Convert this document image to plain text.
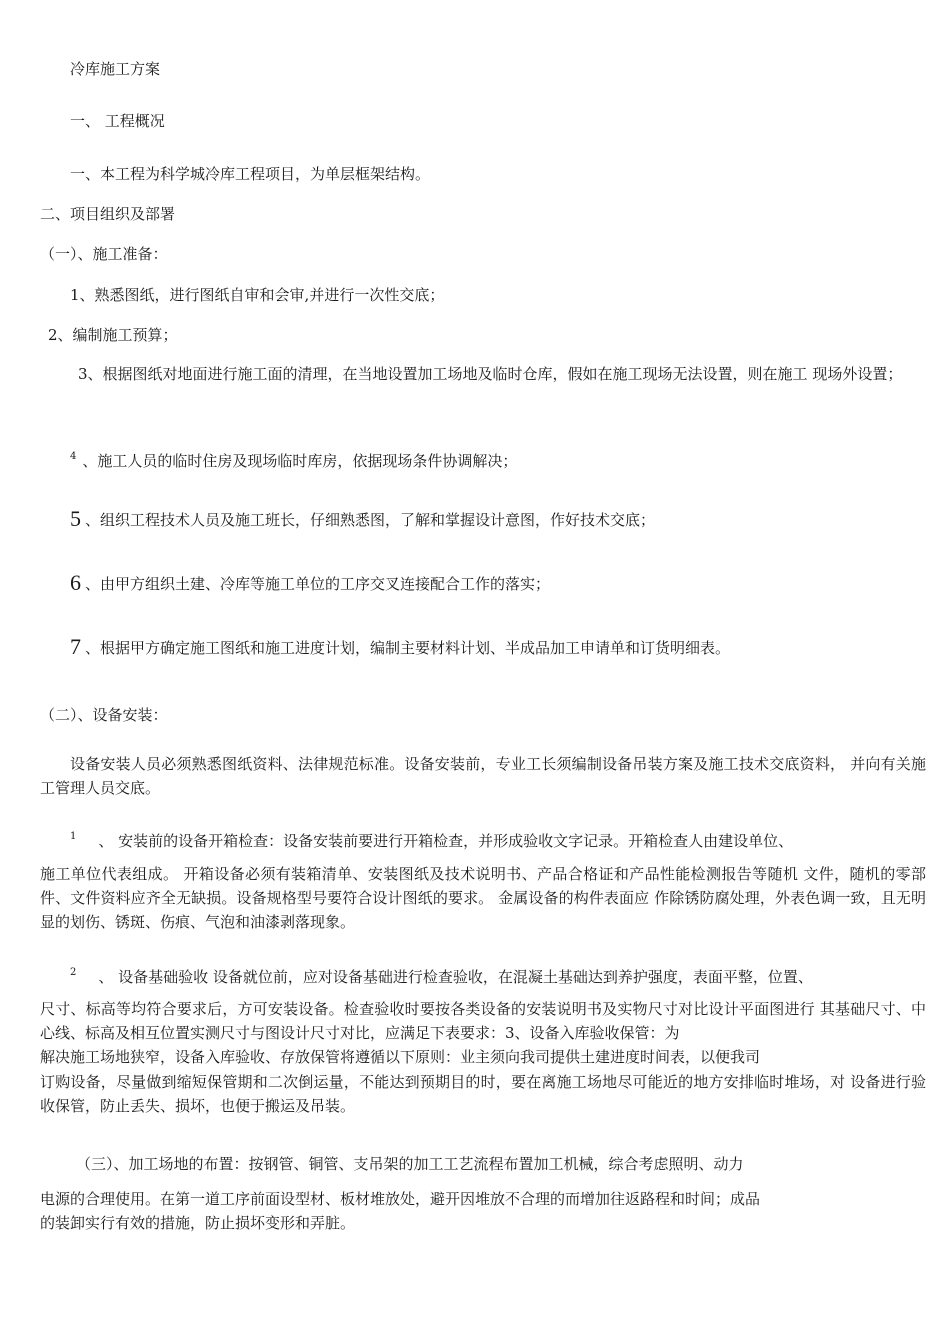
冷库施工方案

一、 工程概况

一、本工程为科学城冷库工程项目，为单层框架结构。

二、项目组织及部署

（一）、施工准备：

1、熟悉图纸，进行图纸自审和会审,并进行一次性交底；

2、编制施工预算；

3、根据图纸对地面进行施工面的清理，在当地设置加工场地及临时仓库，假如在施工现场无法设置，则在施工 现场外设置；

$^4$ 、施工人员的临时住房及现场临时库房，依据现场条件协调解决；

5 、组织工程技术人员及施工班长，仔细熟悉图，了解和掌握设计意图，作好技术交底；

6 、由甲方组织土建、冷库等施工单位的工序交叉连接配合工作的落实；

7 、根据甲方确定施工图纸和施工进度计划，编制主要材料计划、半成品加工申请单和订货明细表。

（二）、设备安装：

设备安装人员必须熟悉图纸资料、法律规范标准。设备安装前，专业工长须编制设备吊装方案及施工技术交底资料， 并向有关施工管理人员交底。

$^1$ 、 安装前的设备开箱检查：设备安装前要进行开箱检查，并形成验收文字记录。开箱检查人由建设单位、

施工单位代表组成。 开箱设备必须有装箱清单、安装图纸及技术说明书、产品合格证和产品性能检测报告等随机 文件，随机的零部件、文件资料应齐全无缺损。设备规格型号要符合设计图纸的要求。 金属设备的构件表面应 作除锈防腐处理，外表色调一致，且无明显的划伤、锈斑、伤痕、气泡和油漆剥落现象。

$^2$ 、 设备基础验收 设备就位前，应对设备基础进行检查验收，在混凝土基础达到养护强度，表面平整，位置、

尺寸、标高等均符合要求后，方可安装设备。检查验收时要按各类设备的安装说明书及实物尺寸对比设计平面图进行 其基础尺寸、中心线、标高及相互位置实测尺寸与图设计尺寸对比，应满足下表要求：3、设备入库验收保管：为

解决施工场地狭窄，设备入库验收、存放保管将遵循以下原则：业主须向我司提供土建进度时间表，以便我司

订购设备，尽量做到缩短保管期和二次倒运量，不能达到预期目的时，要在离施工场地尽可能近的地方安排临时堆场，对 设备进行验收保管，防止丢失、损坏，也便于搬运及吊装。

（三）、加工场地的布置：按钢管、铜管、支吊架的加工工艺流程布置加工机械，综合考虑照明、动力

电源的合理使用。在第一道工序前面设型材、板材堆放处，避开因堆放不合理的而增加往返路程和时间；成品

的装卸实行有效的措施，防止损坏变形和弄脏。
